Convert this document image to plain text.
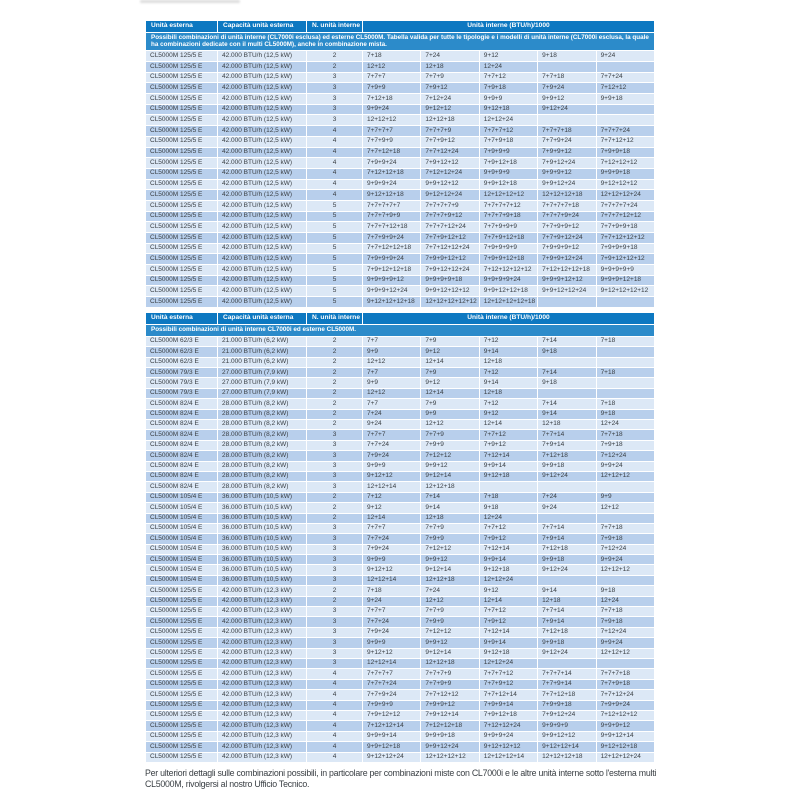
Unità esterna	Capacità unità esterna	N. unità interne	Unità interne (BTU/h)/1000				
Possibili combinazioni di unità interne (CL7000i esclusa) ed esterne CL5000M. Tabella valida per tutte le tipologie e i modelli di unità interne (CL7000i esclusa, la quale ha combinazioni dedicate con il multi CL5000M), anche in combinazione mista.							
CL5000M 125/5 E	42.000 BTU/h (12,5 kW)	2	7+18	7+24	9+12	9+18	9+24
CL5000M 125/5 E	42.000 BTU/h (12,5 kW)	2	12+12	12+18	12+24		
CL5000M 125/5 E	42.000 BTU/h (12,5 kW)	3	7+7+7	7+7+9	7+7+12	7+7+18	7+7+24
CL5000M 125/5 E	42.000 BTU/h (12,5 kW)	3	7+9+9	7+9+12	7+9+18	7+9+24	7+12+12
CL5000M 125/5 E	42.000 BTU/h (12,5 kW)	3	7+12+18	7+12+24	9+9+9	9+9+12	9+9+18
CL5000M 125/5 E	42.000 BTU/h (12,5 kW)	3	9+9+24	9+12+12	9+12+18	9+12+24	
CL5000M 125/5 E	42.000 BTU/h (12,5 kW)	3	12+12+12	12+12+18	12+12+24		
CL5000M 125/5 E	42.000 BTU/h (12,5 kW)	4	7+7+7+7	7+7+7+9	7+7+7+12	7+7+7+18	7+7+7+24
CL5000M 125/5 E	42.000 BTU/h (12,5 kW)	4	7+7+9+9	7+7+9+12	7+7+9+18	7+7+9+24	7+7+12+12
CL5000M 125/5 E	42.000 BTU/h (12,5 kW)	4	7+7+12+18	7+7+12+24	7+9+9+9	7+9+9+12	7+9+9+18
CL5000M 125/5 E	42.000 BTU/h (12,5 kW)	4	7+9+9+24	7+9+12+12	7+9+12+18	7+9+12+24	7+12+12+12
CL5000M 125/5 E	42.000 BTU/h (12,5 kW)	4	7+12+12+18	7+12+12+24	9+9+9+9	9+9+9+12	9+9+9+18
CL5000M 125/5 E	42.000 BTU/h (12,5 kW)	4	9+9+9+24	9+9+12+12	9+9+12+18	9+9+12+24	9+12+12+12
CL5000M 125/5 E	42.000 BTU/h (12,5 kW)	4	9+12+12+18	9+12+12+24	12+12+12+12	12+12+12+18	12+12+12+24
CL5000M 125/5 E	42.000 BTU/h (12,5 kW)	5	7+7+7+7+7	7+7+7+7+9	7+7+7+7+12	7+7+7+7+18	7+7+7+7+24
CL5000M 125/5 E	42.000 BTU/h (12,5 kW)	5	7+7+7+9+9	7+7+7+9+12	7+7+7+9+18	7+7+7+9+24	7+7+7+12+12
CL5000M 125/5 E	42.000 BTU/h (12,5 kW)	5	7+7+7+12+18	7+7+7+12+24	7+7+9+9+9	7+7+9+9+12	7+7+9+9+18
CL5000M 125/5 E	42.000 BTU/h (12,5 kW)	5	7+7+9+9+24	7+7+9+12+12	7+7+9+12+18	7+7+9+12+24	7+7+12+12+12
CL5000M 125/5 E	42.000 BTU/h (12,5 kW)	5	7+7+12+12+18	7+7+12+12+24	7+9+9+9+9	7+9+9+9+12	7+9+9+9+18
CL5000M 125/5 E	42.000 BTU/h (12,5 kW)	5	7+9+9+9+24	7+9+9+12+12	7+9+9+12+18	7+9+9+12+24	7+9+12+12+12
CL5000M 125/5 E	42.000 BTU/h (12,5 kW)	5	7+9+12+12+18	7+9+12+12+24	7+12+12+12+12	7+12+12+12+18	9+9+9+9+9
CL5000M 125/5 E	42.000 BTU/h (12,5 kW)	5	9+9+9+9+12	9+9+9+9+18	9+9+9+9+24	9+9+9+12+12	9+9+9+12+18
CL5000M 125/5 E	42.000 BTU/h (12,5 kW)	5	9+9+9+12+24	9+9+12+12+12	9+9+12+12+18	9+9+12+12+24	9+12+12+12+12
CL5000M 125/5 E	42.000 BTU/h (12,5 kW)	5	9+12+12+12+18	12+12+12+12+12	12+12+12+12+18		
Unità esterna	Capacità unità esterna	N. unità interne	Unità interne (BTU/h)/1000				
Possibili combinazioni di unità interne CL7000i ed esterne CL5000M.							
CL5000M 62/3 E	21.000 BTU/h (6,2 kW)	2	7+7	7+9	7+12	7+14	7+18
CL5000M 62/3 E	21.000 BTU/h (6,2 kW)	2	9+9	9+12	9+14	9+18	
CL5000M 62/3 E	21.000 BTU/h (6,2 kW)	2	12+12	12+14	12+18		
CL5000M 79/3 E	27.000 BTU/h (7,9 kW)	2	7+7	7+9	7+12	7+14	7+18
CL5000M 79/3 E	27.000 BTU/h (7,9 kW)	2	9+9	9+12	9+14	9+18	
CL5000M 79/3 E	27.000 BTU/h (7,9 kW)	2	12+12	12+14	12+18		
CL5000M 82/4 E	28.000 BTU/h (8,2 kW)	2	7+7	7+9	7+12	7+14	7+18
CL5000M 82/4 E	28.000 BTU/h (8,2 kW)	2	7+24	9+9	9+12	9+14	9+18
CL5000M 82/4 E	28.000 BTU/h (8,2 kW)	2	9+24	12+12	12+14	12+18	12+24
CL5000M 82/4 E	28.000 BTU/h (8,2 kW)	3	7+7+7	7+7+9	7+7+12	7+7+14	7+7+18
CL5000M 82/4 E	28.000 BTU/h (8,2 kW)	3	7+7+24	7+9+9	7+9+12	7+9+14	7+9+18
CL5000M 82/4 E	28.000 BTU/h (8,2 kW)	3	7+9+24	7+12+12	7+12+14	7+12+18	7+12+24
CL5000M 82/4 E	28.000 BTU/h (8,2 kW)	3	9+9+9	9+9+12	9+9+14	9+9+18	9+9+24
CL5000M 82/4 E	28.000 BTU/h (8,2 kW)	3	9+12+12	9+12+14	9+12+18	9+12+24	12+12+12
CL5000M 82/4 E	28.000 BTU/h (8,2 kW)	3	12+12+14	12+12+18			
CL5000M 105/4 E	36.000 BTU/h (10,5 kW)	2	7+12	7+14	7+18	7+24	9+9
CL5000M 105/4 E	36.000 BTU/h (10,5 kW)	2	9+12	9+14	9+18	9+24	12+12
CL5000M 105/4 E	36.000 BTU/h (10,5 kW)	2	12+14	12+18	12+24		
CL5000M 105/4 E	36.000 BTU/h (10,5 kW)	3	7+7+7	7+7+9	7+7+12	7+7+14	7+7+18
CL5000M 105/4 E	36.000 BTU/h (10,5 kW)	3	7+7+24	7+9+9	7+9+12	7+9+14	7+9+18
CL5000M 105/4 E	36.000 BTU/h (10,5 kW)	3	7+9+24	7+12+12	7+12+14	7+12+18	7+12+24
CL5000M 105/4 E	36.000 BTU/h (10,5 kW)	3	9+9+9	9+9+12	9+9+14	9+9+18	9+9+24
CL5000M 105/4 E	36.000 BTU/h (10,5 kW)	3	9+12+12	9+12+14	9+12+18	9+12+24	12+12+12
CL5000M 105/4 E	36.000 BTU/h (10,5 kW)	3	12+12+14	12+12+18	12+12+24		
CL5000M 125/5 E	42.000 BTU/h (12,3 kW)	2	7+18	7+24	9+12	9+14	9+18
CL5000M 125/5 E	42.000 BTU/h (12,3 kW)	2	9+24	12+12	12+14	12+18	12+24
CL5000M 125/5 E	42.000 BTU/h (12,3 kW)	3	7+7+7	7+7+9	7+7+12	7+7+14	7+7+18
CL5000M 125/5 E	42.000 BTU/h (12,3 kW)	3	7+7+24	7+9+9	7+9+12	7+9+14	7+9+18
CL5000M 125/5 E	42.000 BTU/h (12,3 kW)	3	7+9+24	7+12+12	7+12+14	7+12+18	7+12+24
CL5000M 125/5 E	42.000 BTU/h (12,3 kW)	3	9+9+9	9+9+12	9+9+14	9+9+18	9+9+24
CL5000M 125/5 E	42.000 BTU/h (12,3 kW)	3	9+12+12	9+12+14	9+12+18	9+12+24	12+12+12
CL5000M 125/5 E	42.000 BTU/h (12,3 kW)	3	12+12+14	12+12+18	12+12+24		
CL5000M 125/5 E	42.000 BTU/h (12,3 kW)	4	7+7+7+7	7+7+7+9	7+7+7+12	7+7+7+14	7+7+7+18
CL5000M 125/5 E	42.000 BTU/h (12,3 kW)	4	7+7+7+24	7+7+9+9	7+7+9+12	7+7+9+14	7+7+9+18
CL5000M 125/5 E	42.000 BTU/h (12,3 kW)	4	7+7+9+24	7+7+12+12	7+7+12+14	7+7+12+18	7+7+12+24
CL5000M 125/5 E	42.000 BTU/h (12,3 kW)	4	7+9+9+9	7+9+9+12	7+9+9+14	7+9+9+18	7+9+9+24
CL5000M 125/5 E	42.000 BTU/h (12,3 kW)	4	7+9+12+12	7+9+12+14	7+9+12+18	7+9+12+24	7+12+12+12
CL5000M 125/5 E	42.000 BTU/h (12,3 kW)	4	7+12+12+14	7+12+12+18	7+12+12+24	9+9+9+9	9+9+9+12
CL5000M 125/5 E	42.000 BTU/h (12,3 kW)	4	9+9+9+14	9+9+9+18	9+9+9+24	9+9+12+12	9+9+12+14
CL5000M 125/5 E	42.000 BTU/h (12,3 kW)	4	9+9+12+18	9+9+12+24	9+12+12+12	9+12+12+14	9+12+12+18
CL5000M 125/5 E	42.000 BTU/h (12,3 kW)	4	9+12+12+24	12+12+12+12	12+12+12+14	12+12+12+18	12+12+12+24
Per ulteriori dettagli sulle combinazioni possibili, in particolare per combinazioni miste con CL7000i e le altre unità interne sotto l'esterna multi CL5000M, rivolgersi al nostro Ufficio Tecnico.
